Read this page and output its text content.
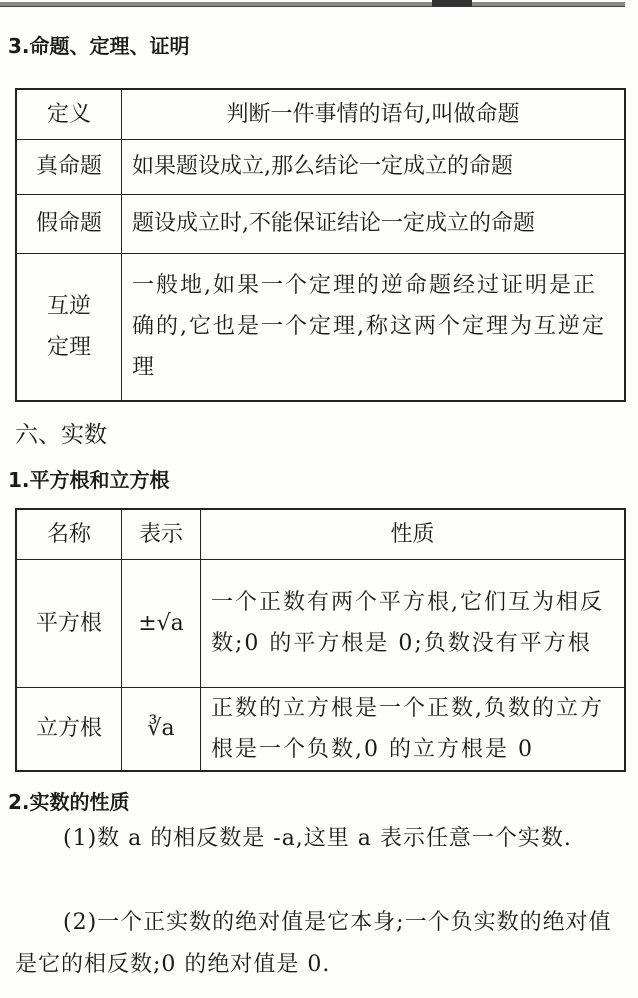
3.命题、定理、证明
定义	判断一件事情的语句,叫做命题
真命题	如果题设成立,那么结论一定成立的命题
假命题	题设成立时,不能保证结论一定成立的命题
互逆定理	一般地,如果一个定理的逆命题经过证明是正确的,它也是一个定理,称这两个定理为互逆定理
六、实数
1.平方根和立方根
名称	表示	性质
平方根	±√a	一个正数有两个平方根,它们互为相反数;0 的平方根是 0;负数没有平方根
立方根	∛a	正数的立方根是一个正数,负数的立方根是一个负数,0 的立方根是 0
2.实数的性质
(1)数 a 的相反数是 -a,这里 a 表示任意一个实数.
(2)一个正实数的绝对值是它本身;一个负实数的绝对值是它的相反数;0 的绝对值是 0.
